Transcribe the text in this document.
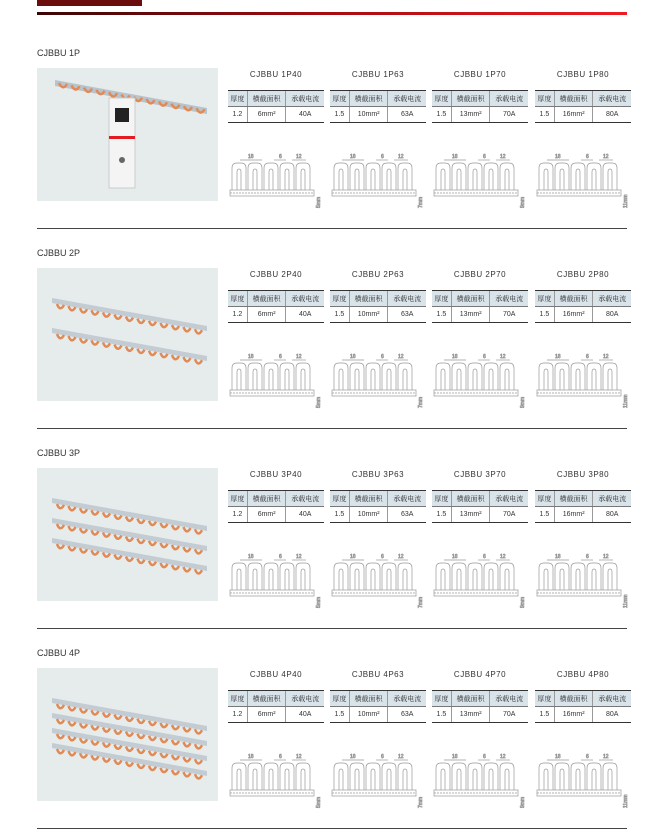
CJBBU 1P
CJBBU 1P40
厚度	横截面积	承载电流
1.2	6mm²	40A
18	6	12
5mm
CJBBU 1P63
厚度	横截面积	承载电流
1.5	10mm²	63A
18	6	12
7mm
CJBBU 1P70
厚度	横截面积	承载电流
1.5	13mm²	70A
18	6	12
9mm
CJBBU 1P80
厚度	横截面积	承载电流
1.5	16mm²	80A
18	6	12
11mm
CJBBU 2P
CJBBU 2P40
厚度	横截面积	承载电流
1.2	6mm²	40A
18	6	12
5mm
CJBBU 2P63
厚度	横截面积	承载电流
1.5	10mm²	63A
18	6	12
7mm
CJBBU 2P70
厚度	横截面积	承载电流
1.5	13mm²	70A
18	6	12
9mm
CJBBU 2P80
厚度	横截面积	承载电流
1.5	16mm²	80A
18	6	12
11mm
CJBBU 3P
CJBBU 3P40
厚度	横截面积	承载电流
1.2	6mm²	40A
18	6	12
5mm
CJBBU 3P63
厚度	横截面积	承载电流
1.5	10mm²	63A
18	6	12
7mm
CJBBU 3P70
厚度	横截面积	承载电流
1.5	13mm²	70A
18	6	12
9mm
CJBBU 3P80
厚度	横截面积	承载电流
1.5	16mm²	80A
18	6	12
11mm
CJBBU 4P
CJBBU 4P40
厚度	横截面积	承载电流
1.2	6mm²	40A
18	6	12
5mm
CJBBU 4P63
厚度	横截面积	承载电流
1.5	10mm²	63A
18	6	12
7mm
CJBBU 4P70
厚度	横截面积	承载电流
1.5	13mm²	70A
18	6	12
9mm
CJBBU 4P80
厚度	横截面积	承载电流
1.5	16mm²	80A
18	6	12
11mm
